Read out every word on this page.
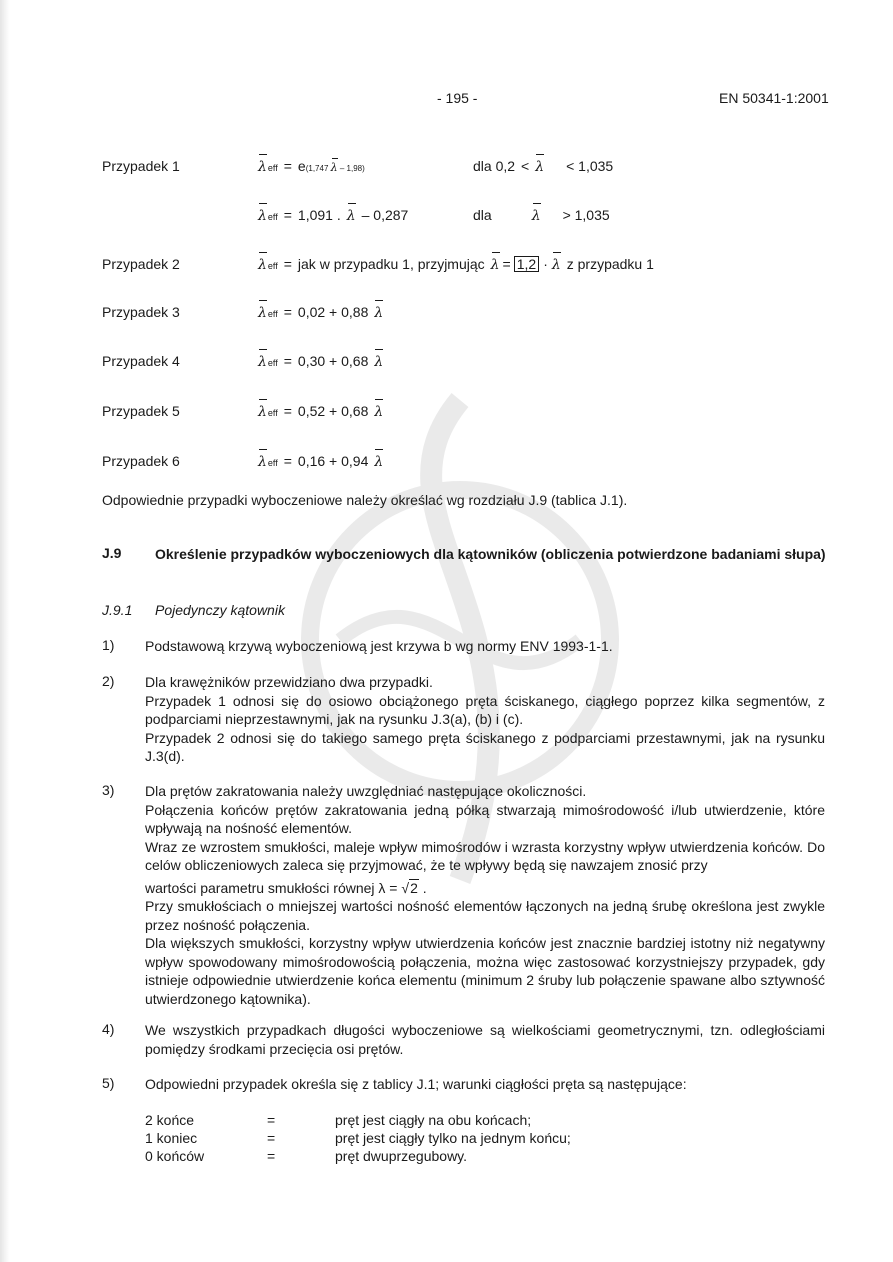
- 195 -	EN 50341-1:2001
Przypadek 1	λ eff = e (1,747 λ – 1,98)	dla 0,2 < λ < 1,035
λ eff = 1,091 . λ – 0,287	dla	λ > 1,035
Przypadek 2	λ eff = jak w przypadku 1, przyjmując λ = 1,2 · λ z przypadku 1
Przypadek 3	λ eff = 0,02 + 0,88 λ
Przypadek 4	λ eff = 0,30 + 0,68 λ
Przypadek 5	λ eff = 0,52 + 0,68 λ
Przypadek 6	λ eff = 0,16 + 0,94 λ
Odpowiednie przypadki wyboczeniowe należy określać wg rozdziału J.9 (tablica J.1).
J.9 Określenie przypadków wyboczeniowych dla kątowników (obliczenia potwierdzone badaniami słupa)
J.9.1 Pojedynczy kątownik
1) Podstawową krzywą wyboczeniową jest krzywa b wg normy ENV 1993-1-1.

2) Dla krawężników przewidziano dwa przypadki.

Przypadek 1 odnosi się do osiowo obciążonego pręta ściskanego, ciągłego poprzez kilka segmentów, z podparciami nieprzestawnymi, jak na rysunku J.3(a), (b) i (c).

Przypadek 2 odnosi się do takiego samego pręta ściskanego z podparciami przestawnymi, jak na rysunku J.3(d).

3) Dla prętów zakratowania należy uwzględniać następujące okoliczności.

Połączenia końców prętów zakratowania jedną półką stwarzają mimośrodowość i/lub utwierdzenie, które wpływają na nośność elementów.

Wraz ze wzrostem smukłości, maleje wpływ mimośrodów i wzrasta korzystny wpływ utwierdzenia końców. Do celów obliczeniowych zaleca się przyjmować, że te wpływy będą się nawzajem znosić przy

wartości parametru smukłości równej λ = √2 .

Przy smukłościach o mniejszej wartości nośność elementów łączonych na jedną śrubę określona jest zwykle przez nośność połączenia.

Dla większych smukłości, korzystny wpływ utwierdzenia końców jest znacznie bardziej istotny niż negatywny wpływ spowodowany mimośrodowością połączenia, można więc zastosować korzystniejszy przypadek, gdy istnieje odpowiednie utwierdzenie końca elementu (minimum 2 śruby lub połączenie spawane albo sztywność utwierdzonego kątownika).

4) We wszystkich przypadkach długości wyboczeniowe są wielkościami geometrycznymi, tzn. odległościami pomiędzy środkami przecięcia osi prętów.

5) Odpowiedni przypadek określa się z tablicy J.1; warunki ciągłości pręta są następujące:

2 końce	=	pręt jest ciągły na obu końcach;
1 koniec	=	pręt jest ciągły tylko na jednym końcu;
0 końców	=	pręt dwuprzegubowy.
